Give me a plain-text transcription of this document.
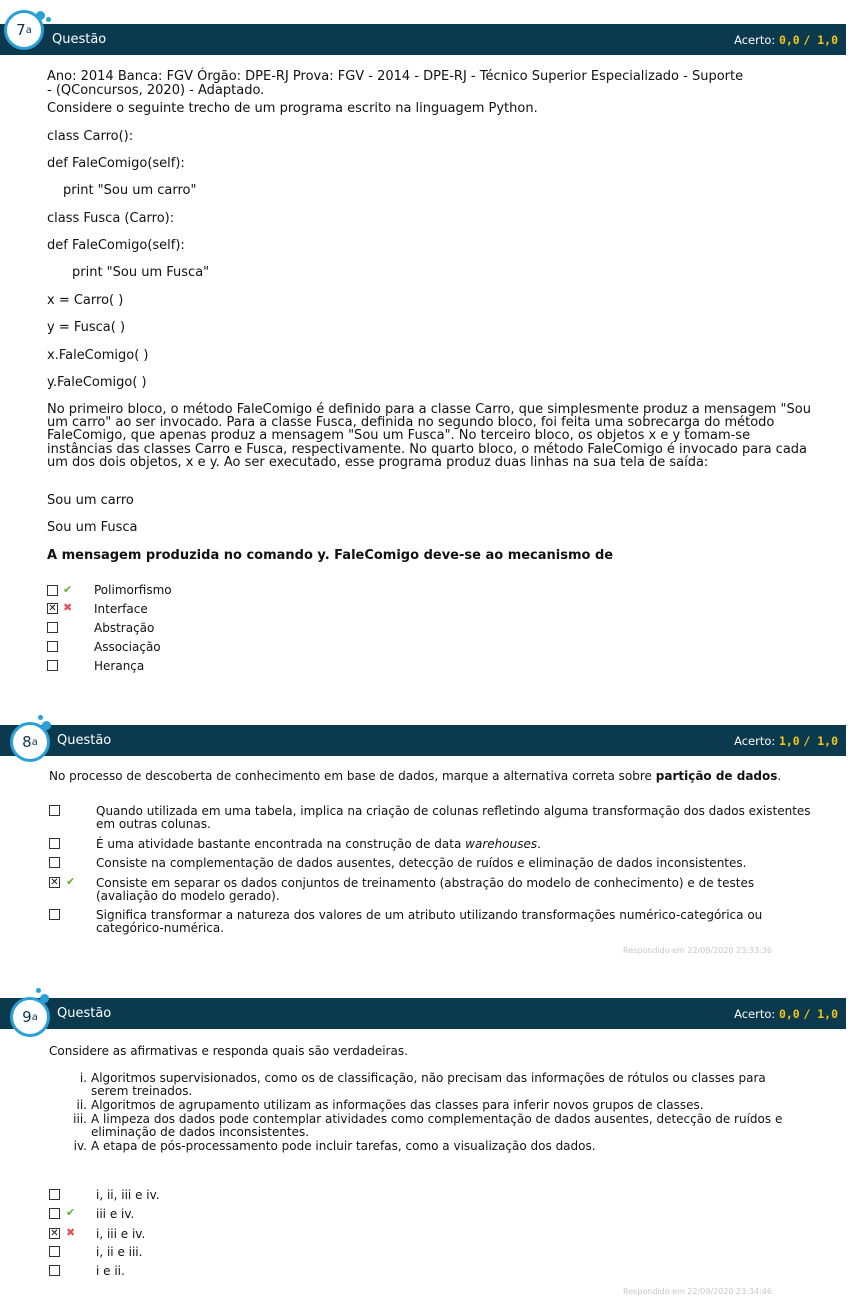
7 a
Questão	Acerto: 0,0 / 1,0

Ano: 2014 Banca: FGV Órgão: DPE-RJ Prova: FGV - 2014 - DPE-RJ - Técnico Superior Especializado - Suporte
- (QConcursos, 2020) - Adaptado.

Considere o seguinte trecho de um programa escrito na linguagem Python.

class Carro():

def FaleComigo(self):

print "Sou um carro"

class Fusca (Carro):

def FaleComigo(self):

print "Sou um Fusca"

x = Carro( )

y = Fusca( )

x.FaleComigo( )

y.FaleComigo( )

No primeiro bloco, o método FaleComigo é definido para a classe Carro, que simplesmente produz a mensagem "Sou
um carro" ao ser invocado. Para a classe Fusca, definida no segundo bloco, foi feita uma sobrecarga do método
FaleComigo, que apenas produz a mensagem "Sou um Fusca". No terceiro bloco, os objetos x e y tomam-se
instâncias das classes Carro e Fusca, respectivamente. No quarto bloco, o método FaleComigo é invocado para cada
um dos dois objetos, x e y. Ao ser executado, esse programa produz duas linhas na sua tela de saída:

Sou um carro

Sou um Fusca

A mensagem produzida no comando y. FaleComigo deve-se ao mecanismo de

✔ Polimorfismo
✕ ✖ Interface
Abstração
Associação
Herança
8 a Questão	Acerto: 1,0 / 1,0

No processo de descoberta de conhecimento em base de dados, marque a alternativa correta sobre partição de dados.

Quando utilizada em uma tabela, implica na criação de colunas refletindo alguma transformação dos dados existentes
em outras colunas.
É uma atividade bastante encontrada na construção de data warehouses.
Consiste na complementação de dados ausentes, detecção de ruídos e eliminação de dados inconsistentes.
✕ ✔ Consiste em separar os dados conjuntos de treinamento (abstração do modelo de conhecimento) e de testes
(avaliação do modelo gerado).
Significa transformar a natureza dos valores de um atributo utilizando transformações numérico-categórica ou
categórico-numérica.
Respondido em 22/09/2020 23:33:36
9 a Questão	Acerto: 0,0 / 1,0

Considere as afirmativas e responda quais são verdadeiras.

i. Algoritmos supervisionados, como os de classificação, não precisam das informações de rótulos ou classes para
serem treinados.
ii. Algoritmos de agrupamento utilizam as informações das classes para inferir novos grupos de classes.
iii. A limpeza dos dados pode contemplar atividades como complementação de dados ausentes, detecção de ruídos e
eliminação de dados inconsistentes.
iv. A etapa de pós-processamento pode incluir tarefas, como a visualização dos dados.
i, ii, iii e iv.
✔ iii e iv.
✕ ✖ i, iii e iv.
i, ii e iii.
i e ii.
Respondido em 22/09/2020 23:34:46
